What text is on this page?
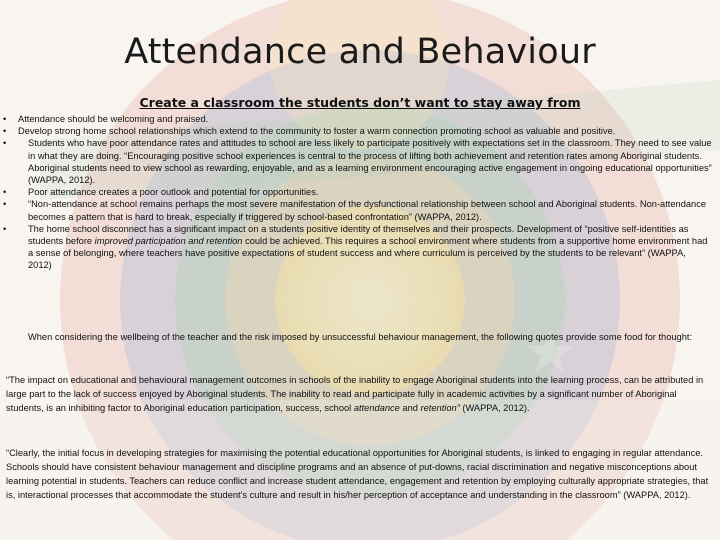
Attendance and Behaviour
Create a classroom the students don’t want to stay away from
• Attendance should be welcoming and praised.
• Develop strong home school relationships which extend to the community to foster a warm connection promoting school as valuable and positive.
• Students who have poor attendance rates and attitudes to school are less likely to participate positively with expectations set in the classroom. They need to see value in what they are doing. “Encouraging positive school experiences is central to the process of lifting both achievement and retention rates among Aboriginal students. Aboriginal students need to view school as rewarding, enjoyable, and as a learning environment encouraging active engagement in ongoing educational opportunities” (WAPPA, 2012).
• Poor attendance creates a poor outlook and potential for opportunities.
• “Non-attendance at school remains perhaps the most severe manifestation of the dysfunctional relationship between school and Aboriginal students. Non-attendance becomes a pattern that is hard to break, especially if triggered by school-based confrontation” (WAPPA, 2012).
• The home school disconnect has a significant impact on a students positive identity of themselves and their prospects. Development of “positive self-identities as students before improved participation and retention could be achieved. This requires a school environment where students from a supportive home environment had a sense of belonging, where teachers have positive expectations of student success and where curriculum is perceived by the students to be relevant” (WAPPA, 2012)
When considering the wellbeing of the teacher and the risk imposed by unsuccessful behaviour management, the following quotes provide some food for thought:
“The impact on educational and behavioural management outcomes in schools of the inability to engage Aboriginal students into the learning process, can be attributed in large part to the lack of success enjoyed by Aboriginal students. The inability to read and participate fully in academic activities by a significant number of Aboriginal students, is an inhibiting factor to Aboriginal education participation, success, school attendance and retention” (WAPPA, 2012).
“Clearly, the initial focus in developing strategies for maximising the potential educational opportunities for Aboriginal students, is linked to engaging in regular attendance. Schools should have consistent behaviour management and discipline programs and an absence of put-downs, racial discrimination and negative misconceptions about learning potential in students. Teachers can reduce conflict and increase student attendance, engagement and retention by employing culturally appropriate strategies, that is, interactional processes that accommodate the student's culture and result in his/her perception of acceptance and understanding in the classroom” (WAPPA, 2012).
